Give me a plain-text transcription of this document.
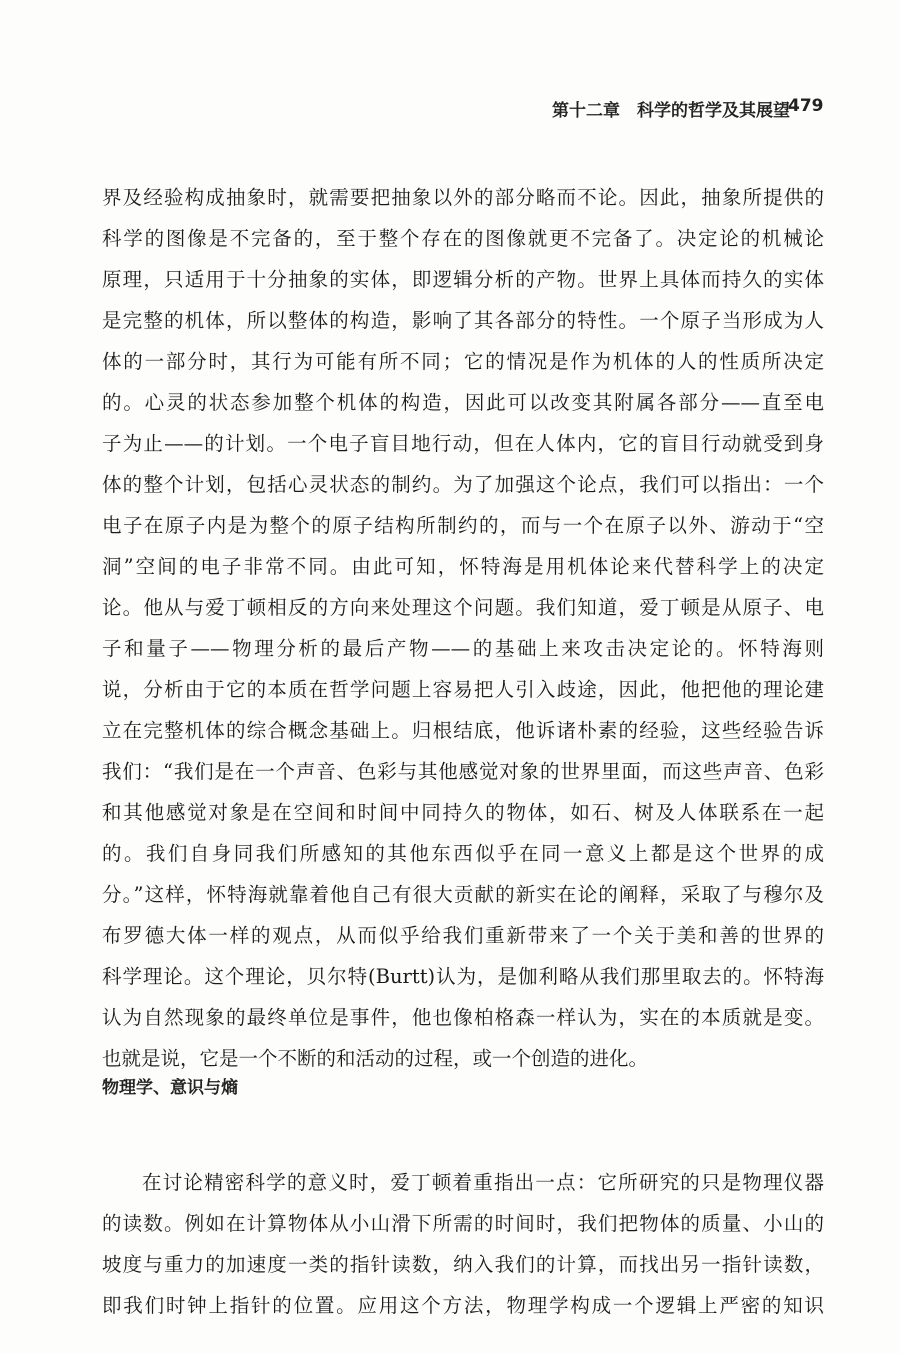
第十二章　科学的哲学及其展望
479
界及经验构成抽象时，就需要把抽象以外的部分略而不论。因此，抽象所提供的
科学的图像是不完备的，至于整个存在的图像就更不完备了。决定论的机械论
原理，只适用于十分抽象的实体，即逻辑分析的产物。世界上具体而持久的实体
是完整的机体，所以整体的构造，影响了其各部分的特性。一个原子当形成为人
体的一部分时，其行为可能有所不同；它的情况是作为机体的人的性质所决定
的。心灵的状态参加整个机体的构造，因此可以改变其附属各部分——直至电
子为止——的计划。一个电子盲目地行动，但在人体内，它的盲目行动就受到身
体的整个计划，包括心灵状态的制约。为了加强这个论点，我们可以指出：一个
电子在原子内是为整个的原子结构所制约的，而与一个在原子以外、游动于“空
洞”空间的电子非常不同。由此可知，怀特海是用机体论来代替科学上的决定
论。他从与爱丁顿相反的方向来处理这个问题。我们知道，爱丁顿是从原子、电
子和量子——物理分析的最后产物——的基础上来攻击决定论的。怀特海则
说，分析由于它的本质在哲学问题上容易把人引入歧途，因此，他把他的理论建
立在完整机体的综合概念基础上。归根结底，他诉诸朴素的经验，这些经验告诉
我们：“我们是在一个声音、色彩与其他感觉对象的世界里面，而这些声音、色彩
和其他感觉对象是在空间和时间中同持久的物体，如石、树及人体联系在一起
的。我们自身同我们所感知的其他东西似乎在同一意义上都是这个世界的成
分。”这样，怀特海就靠着他自己有很大贡献的新实在论的阐释，采取了与穆尔及
布罗德大体一样的观点，从而似乎给我们重新带来了一个关于美和善的世界的
科学理论。这个理论，贝尔特(Burtt)认为，是伽利略从我们那里取去的。怀特海
认为自然现象的最终单位是事件，他也像柏格森一样认为，实在的本质就是变。
也就是说，它是一个不断的和活动的过程，或一个创造的进化。
物理学、意识与熵
在讨论精密科学的意义时，爱丁顿着重指出一点：它所研究的只是物理仪器
的读数。例如在计算物体从小山滑下所需的时间时，我们把物体的质量、小山的
坡度与重力的加速度一类的指针读数，纳入我们的计算，而找出另一指针读数，
即我们时钟上指针的位置。应用这个方法，物理学构成一个逻辑上严密的知识
